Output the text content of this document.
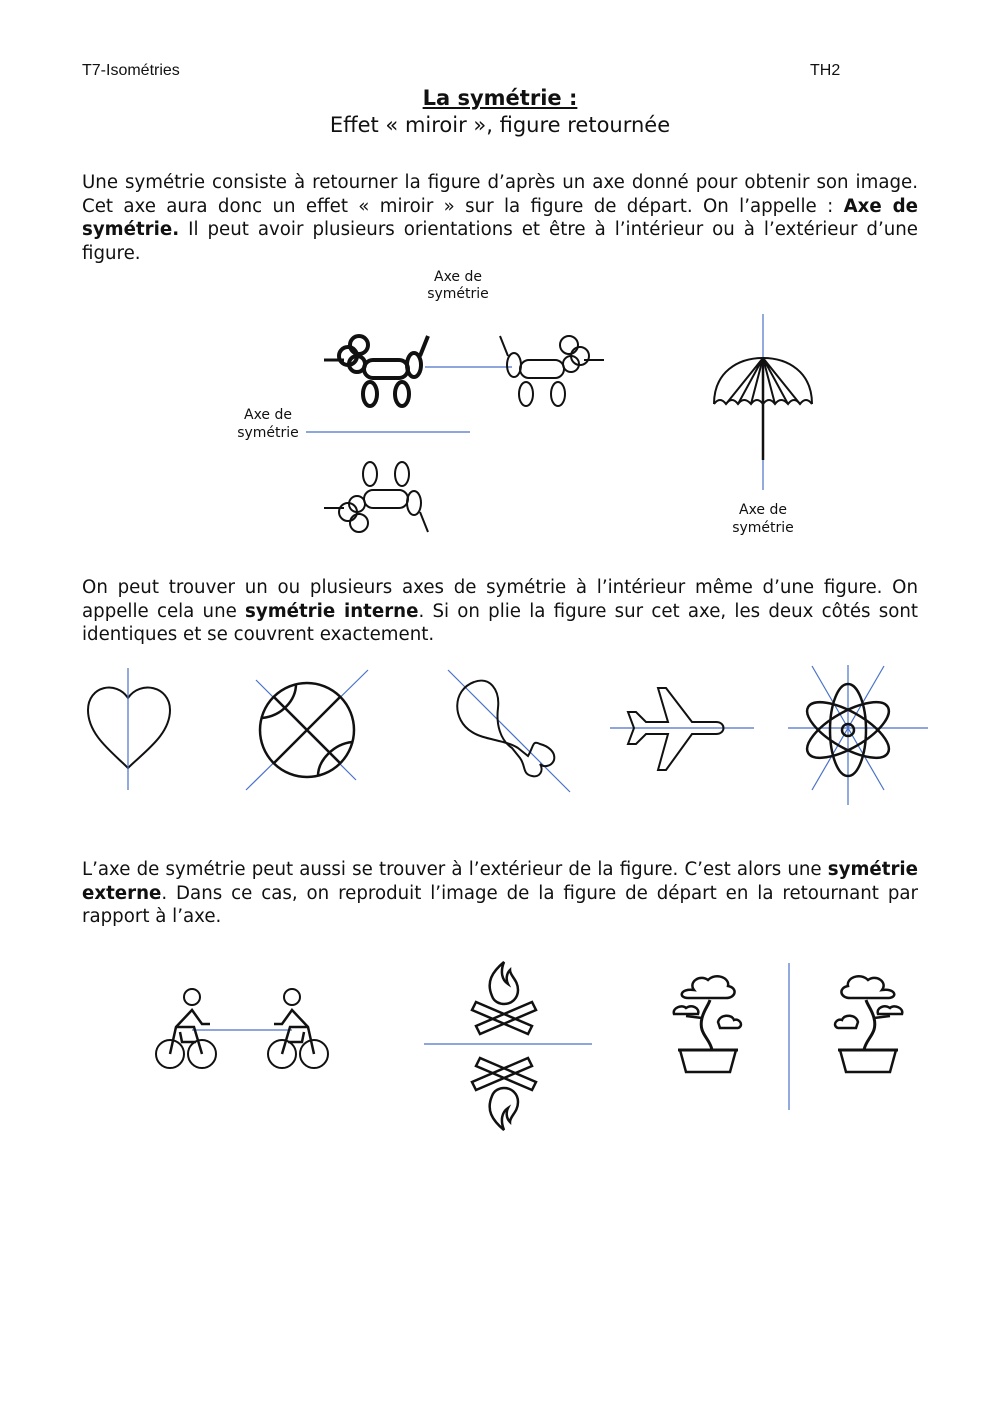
T7-Isométries	TH2
La symétrie :
Effet « miroir », figure retournée

Une symétrie consiste à retourner la figure d’après un axe donné pour obtenir son image. Cet axe aura donc un effet « miroir » sur la figure de départ. On l’appelle : Axe de symétrie. Il peut avoir plusieurs orientations et être à l’intérieur ou à l’extérieur d’une figure.

On peut trouver un ou plusieurs axes de symétrie à l’intérieur même d’une figure. On appelle cela une symétrie interne. Si on plie la figure sur cet axe, les deux côtés sont identiques et se couvrent exactement.

L’axe de symétrie peut aussi se trouver à l’extérieur de la figure. C’est alors une symétrie externe. Dans ce cas, on reproduit l’image de la figure de départ en la retournant par rapport à l’axe.

Axe de
symétrie
Axe de
symétrie
Axe de
symétrie
